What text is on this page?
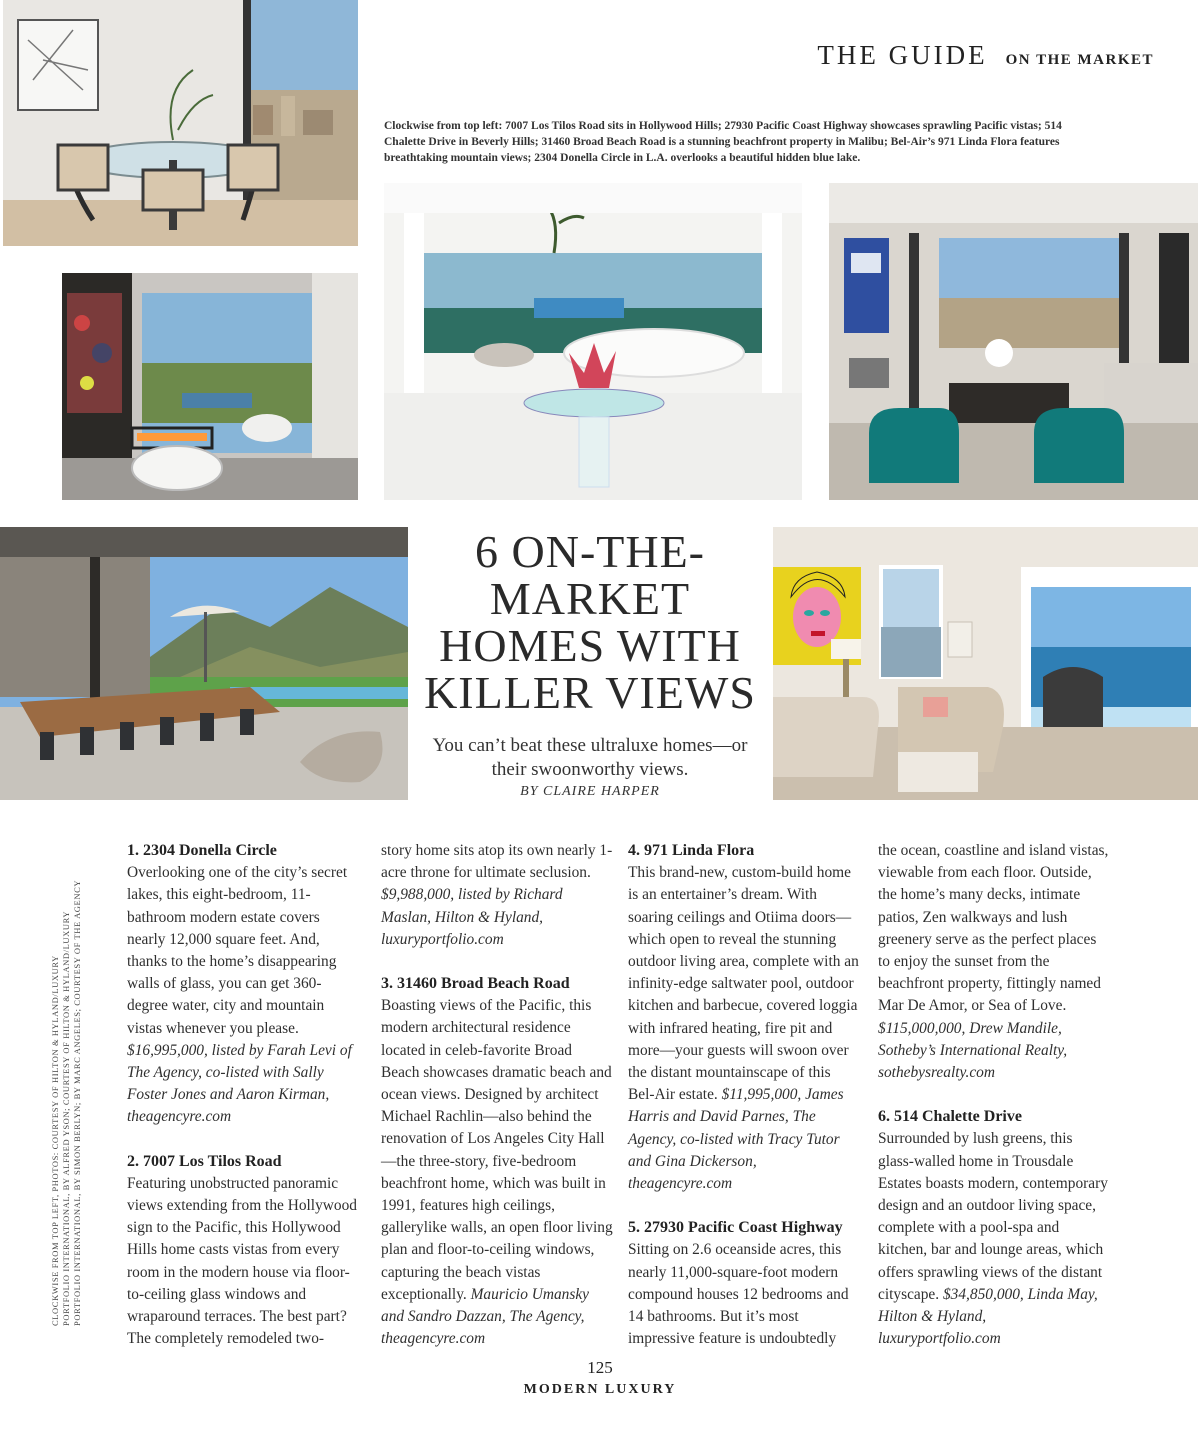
THE GUIDE ON THE MARKET
Clockwise from top left: 7007 Los Tilos Road sits in Hollywood Hills; 27930 Pacific Coast Highway showcases sprawling Pacific vistas; 514 Chalette Drive in Beverly Hills; 31460 Broad Beach Road is a stunning beachfront property in Malibu; Bel-Air’s 971 Linda Flora features breathtaking mountain views; 2304 Donella Circle in L.A. overlooks a beautiful hidden blue lake.
6 ON-THE-
MARKET
HOMES WITH
KILLER VIEWS
You can’t beat these ultraluxe homes—or their swoonworthy views.
BY CLAIRE HARPER
1. 2304 Donella Circle

Overlooking one of the city’s secret lakes, this eight-bedroom, 11-bathroom modern estate covers nearly 12,000 square feet. And, thanks to the home’s disappearing walls of glass, you can get 360-degree water, city and mountain vistas whenever you please. $16,995,000, listed by Farah Levi of The Agency, co-listed with Sally Foster Jones and Aaron Kirman, theagencyre.com

2. 7007 Los Tilos Road

Featuring unobstructed panoramic views extending from the Hollywood sign to the Pacific, this Hollywood Hills home casts vistas from every room in the modern house via floor-to-ceiling glass windows and wraparound terraces. The best part? The completely remodeled two-

story home sits atop its own nearly 1-acre throne for ultimate seclusion. $9,988,000, listed by Richard Maslan, Hilton & Hyland, luxuryportfolio.com

3. 31460 Broad Beach Road

Boasting views of the Pacific, this modern architectural residence located in celeb-favorite Broad Beach showcases dramatic beach and ocean views. Designed by architect Michael Rachlin—also behind the renovation of Los Angeles City Hall—the three-story, five-bedroom beachfront home, which was built in 1991, features high ceilings, gallerylike walls, an open floor living plan and floor-to-ceiling windows, capturing the beach vistas exceptionally. Mauricio Umansky and Sandro Dazzan, The Agency, theagencyre.com

4. 971 Linda Flora

This brand-new, custom-build home is an entertainer’s dream. With soaring ceilings and Otiima doors—which open to reveal the stunning outdoor living area, complete with an infinity-edge saltwater pool, outdoor kitchen and barbecue, covered loggia with infrared heating, fire pit and more—your guests will swoon over the distant mountainscape of this Bel-Air estate. $11,995,000, James Harris and David Parnes, The Agency, co-listed with Tracy Tutor and Gina Dickerson, theagencyre.com

5. 27930 Pacific Coast Highway

Sitting on 2.6 oceanside acres, this nearly 11,000-square-foot modern compound houses 12 bedrooms and 14 bathrooms. But it’s most impressive feature is undoubtedly

the ocean, coastline and island vistas, viewable from each floor. Outside, the home’s many decks, intimate patios, Zen walkways and lush greenery serve as the perfect places to enjoy the sunset from the beachfront property, fittingly named Mar De Amor, or Sea of Love. $115,000,000, Drew Mandile, Sotheby’s International Realty, sothebysrealty.com

6. 514 Chalette Drive

Surrounded by lush greens, this glass-walled home in Trousdale Estates boasts modern, contemporary design and an outdoor living space, complete with a pool-spa and kitchen, bar and lounge areas, which offers sprawling views of the distant cityscape. $34,850,000, Linda May, Hilton & Hyland, luxuryportfolio.com

CLOCKWISE FROM TOP LEFT, PHOTOS: COURTESY OF HILTON & HYLAND/LUXURY PORTFOLIO INTERNATIONAL, BY ALFRED YSON; COURTESY OF HILTON & HYLAND/LUXURY PORTFOLIO INTERNATIONAL, BY SIMON BERLYN; BY MARC ANGELES; COURTESY OF THE AGENCY
125
MODERN LUXURY
